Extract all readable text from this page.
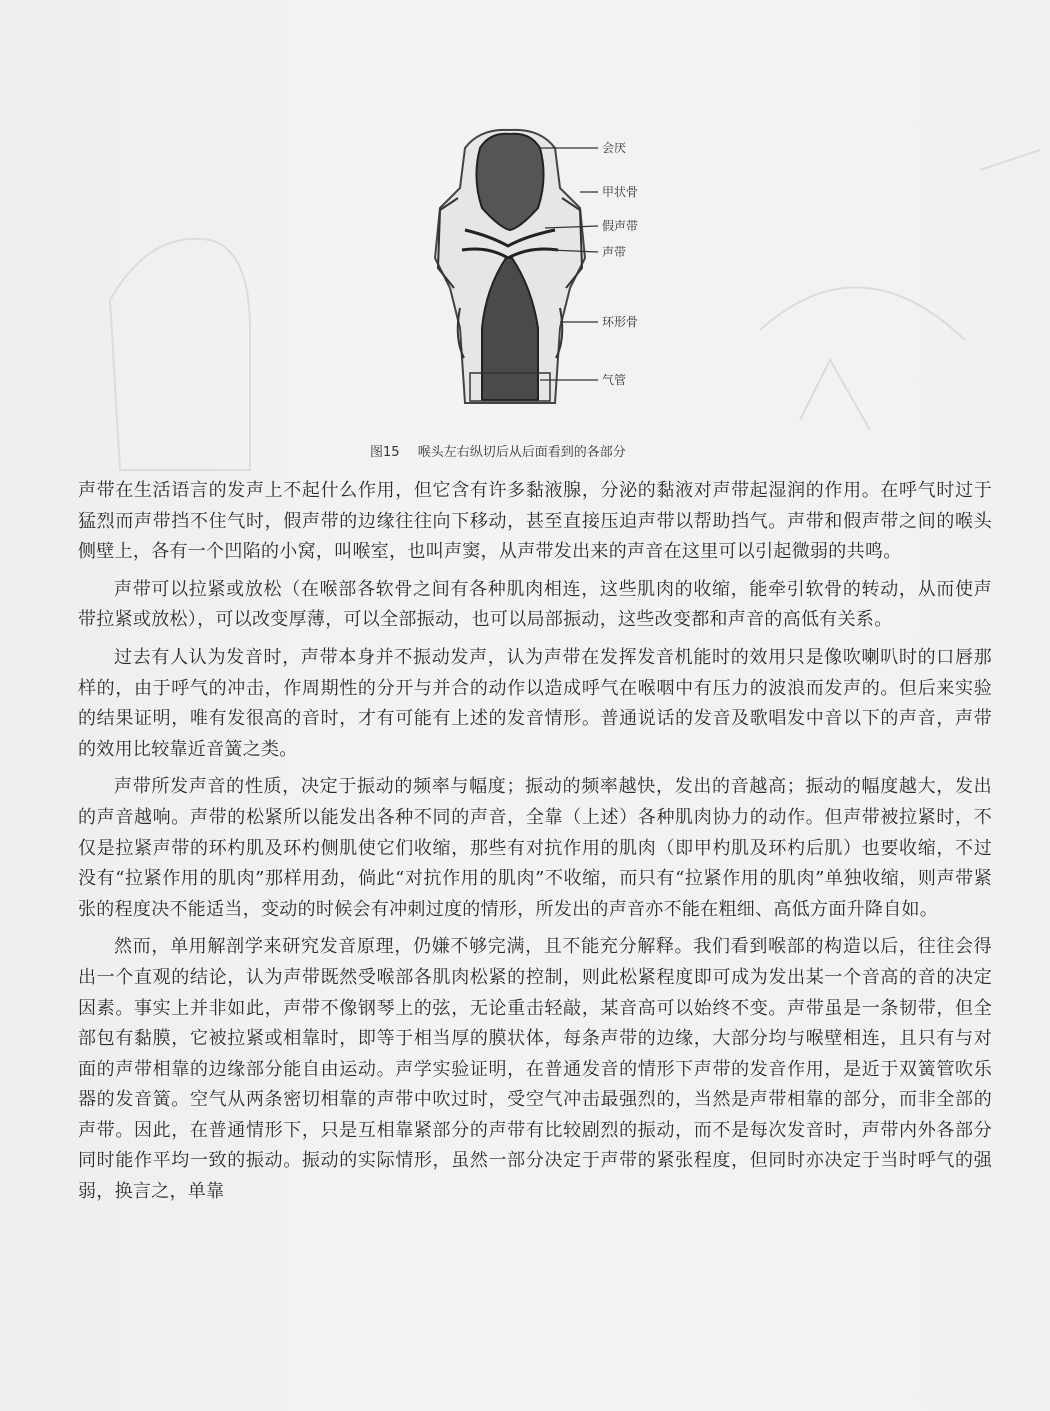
会厌
甲状骨
假声带
声带
环形骨
气管
图15 喉头左右纵切后从后面看到的各部分

声带在生活语言的发声上不起什么作用，但它含有许多黏液腺，分泌的黏液对声带起湿润的作用。在呼气时过于猛烈而声带挡不住气时，假声带的边缘往往向下移动，甚至直接压迫声带以帮助挡气。声带和假声带之间的喉头侧壁上，各有一个凹陷的小窝，叫喉室，也叫声窦，从声带发出来的声音在这里可以引起微弱的共鸣。

声带可以拉紧或放松（在喉部各软骨之间有各种肌肉相连，这些肌肉的收缩，能牵引软骨的转动，从而使声带拉紧或放松），可以改变厚薄，可以全部振动，也可以局部振动，这些改变都和声音的高低有关系。

过去有人认为发音时，声带本身并不振动发声，认为声带在发挥发音机能时的效用只是像吹喇叭时的口唇那样的，由于呼气的冲击，作周期性的分开与并合的动作以造成呼气在喉咽中有压力的波浪而发声的。但后来实验的结果证明，唯有发很高的音时，才有可能有上述的发音情形。普通说话的发音及歌唱发中音以下的声音，声带的效用比较靠近音簧之类。

声带所发声音的性质，决定于振动的频率与幅度；振动的频率越快，发出的音越高；振动的幅度越大，发出的声音越响。声带的松紧所以能发出各种不同的声音，全靠（上述）各种肌肉协力的动作。但声带被拉紧时，不仅是拉紧声带的环杓肌及环杓侧肌使它们收缩，那些有对抗作用的肌肉（即甲杓肌及环杓后肌）也要收缩，不过没有“拉紧作用的肌肉”那样用劲，倘此“对抗作用的肌肉”不收缩，而只有“拉紧作用的肌肉”单独收缩，则声带紧张的程度决不能适当，变动的时候会有冲刺过度的情形，所发出的声音亦不能在粗细、高低方面升降自如。

然而，单用解剖学来研究发音原理，仍嫌不够完满，且不能充分解释。我们看到喉部的构造以后，往往会得出一个直观的结论，认为声带既然受喉部各肌肉松紧的控制，则此松紧程度即可成为发出某一个音高的音的决定因素。事实上并非如此，声带不像钢琴上的弦，无论重击轻敲，某音高可以始终不变。声带虽是一条韧带，但全部包有黏膜，它被拉紧或相靠时，即等于相当厚的膜状体，每条声带的边缘，大部分均与喉壁相连，且只有与对面的声带相靠的边缘部分能自由运动。声学实验证明，在普通发音的情形下声带的发音作用，是近于双簧管吹乐器的发音簧。空气从两条密切相靠的声带中吹过时，受空气冲击最强烈的，当然是声带相靠的部分，而非全部的声带。因此，在普通情形下，只是互相靠紧部分的声带有比较剧烈的振动，而不是每次发音时，声带内外各部分同时能作平均一致的振动。振动的实际情形，虽然一部分决定于声带的紧张程度，但同时亦决定于当时呼气的强弱，换言之，单靠
